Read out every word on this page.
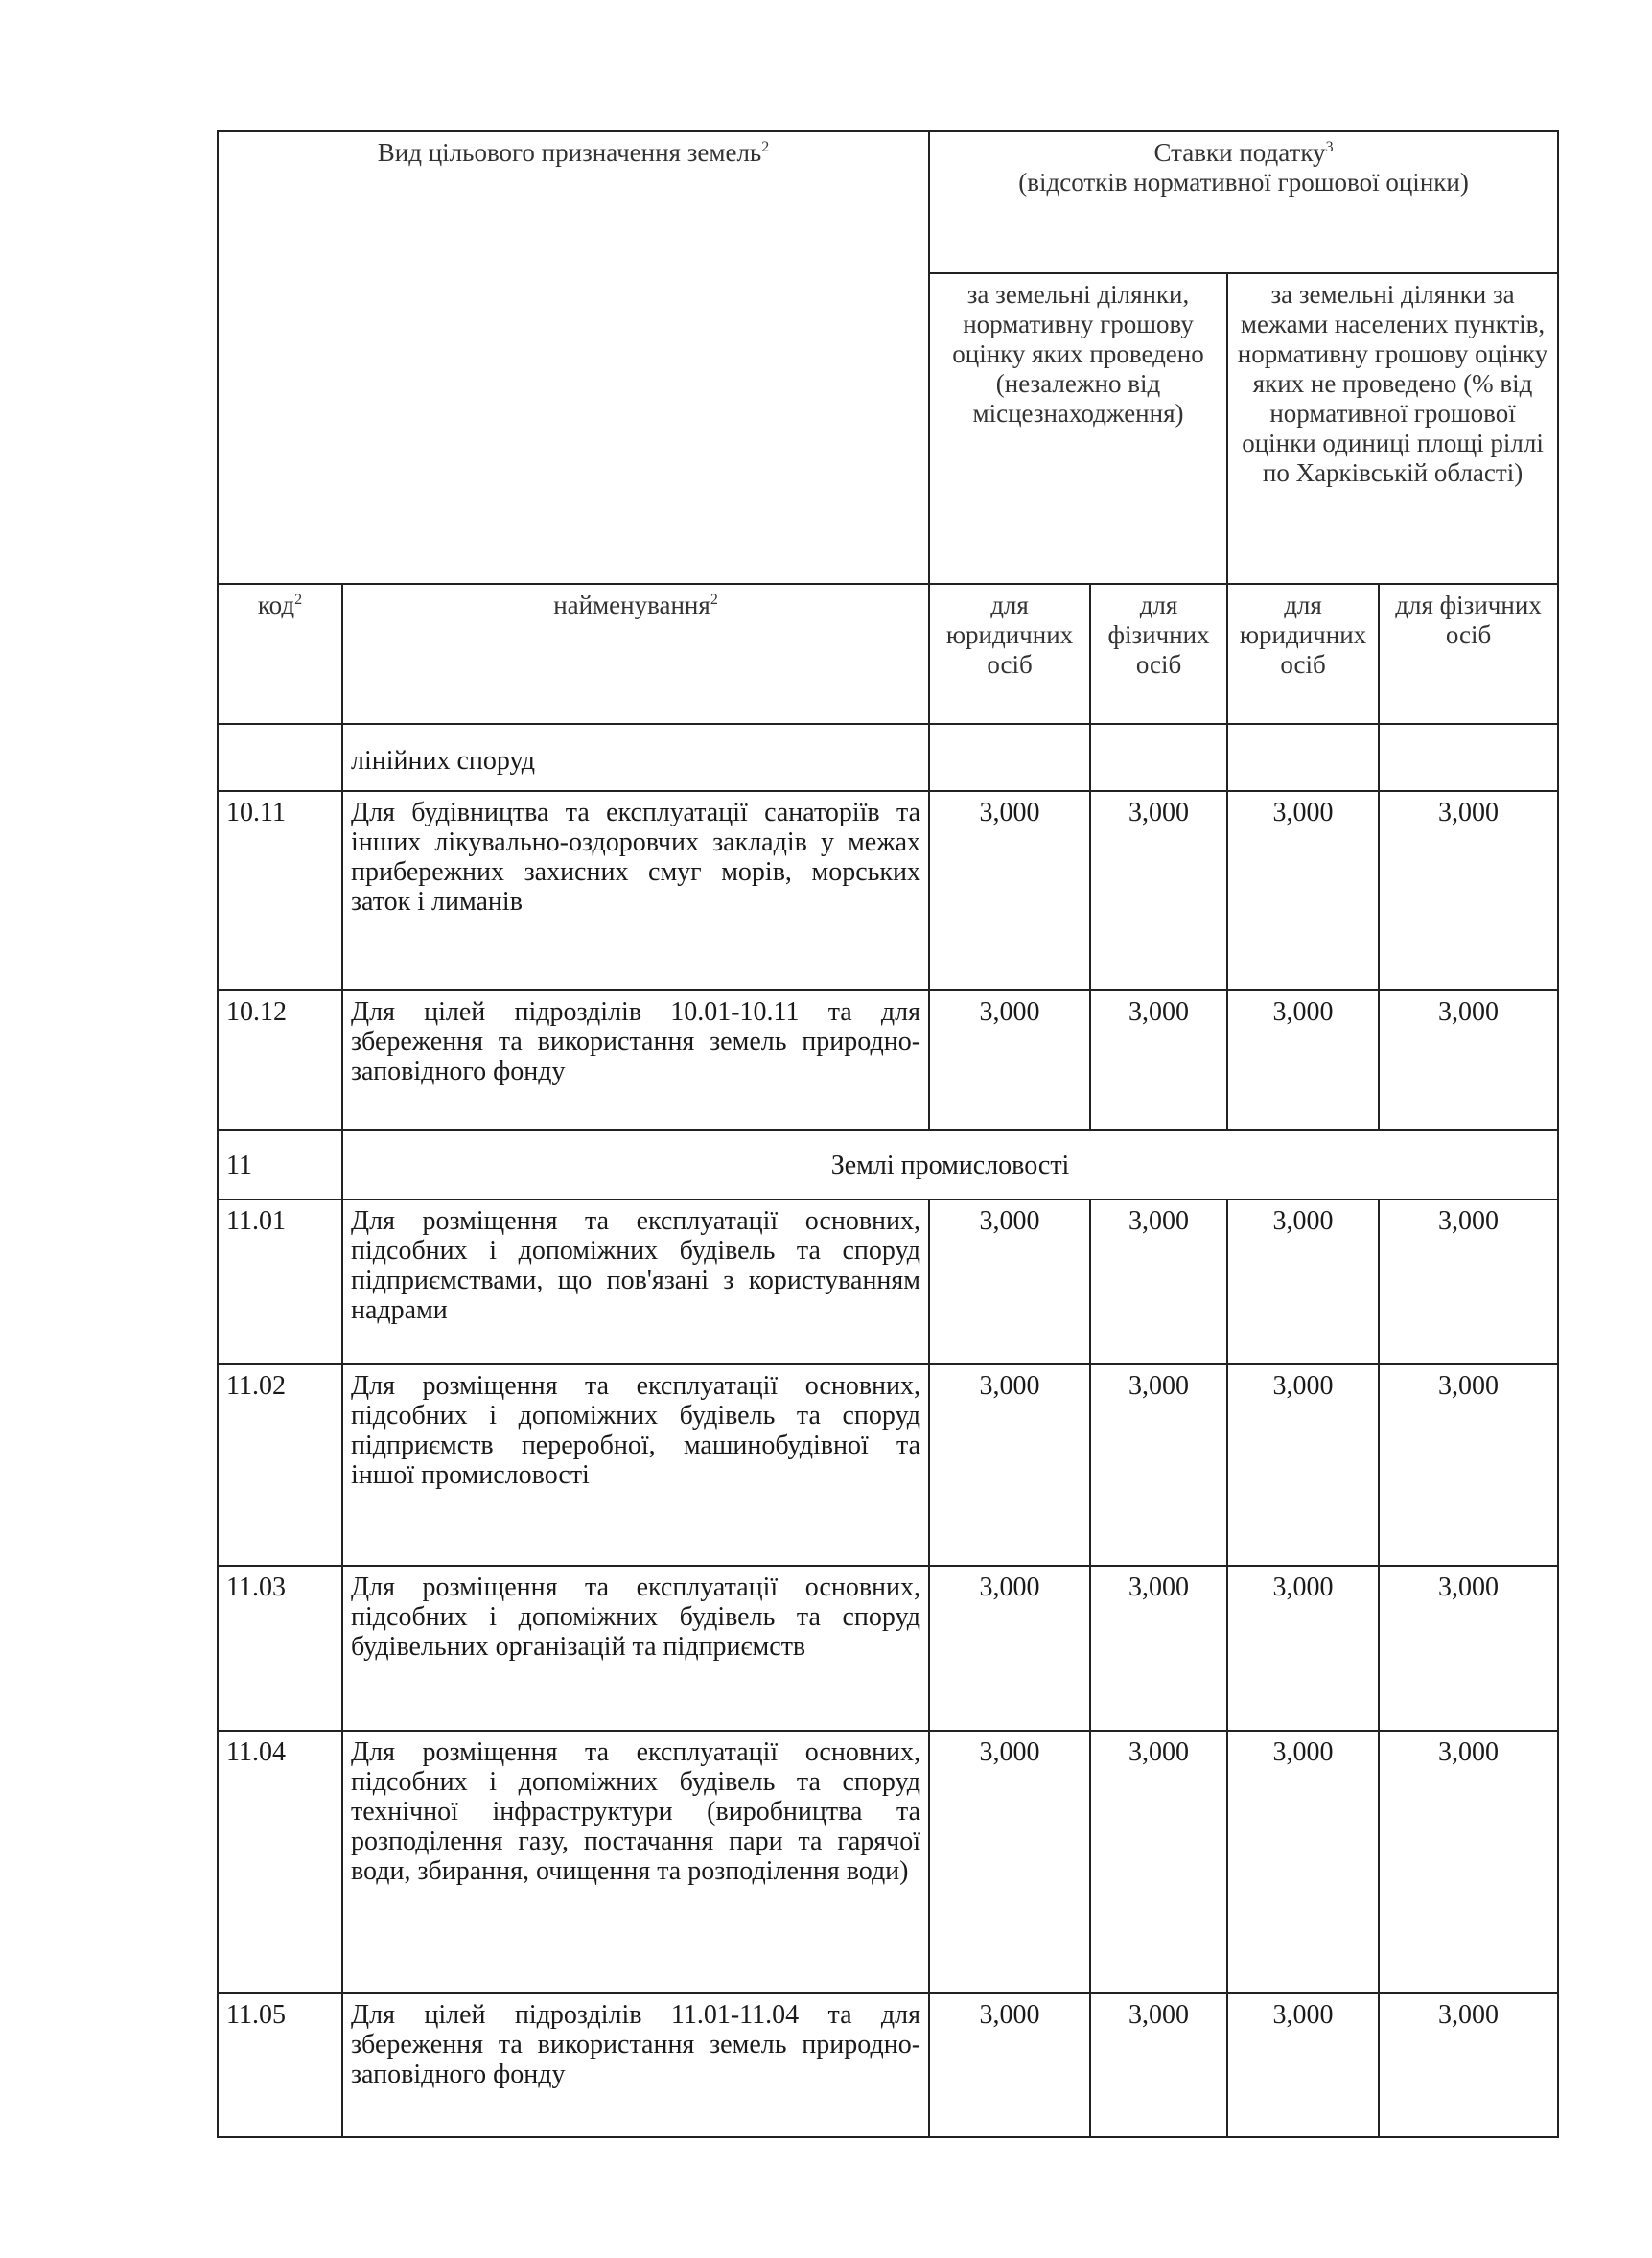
Вид цільового призначення земель$^2$		Ставки податку$^3$
(відсотків нормативної грошової оцінки)			
		за земельні ділянки, нормативну грошову оцінку яких проведено (незалежно від місцезнаходження)		за земельні ділянки за межами населених пунктів, нормативну грошову оцінку яких не проведено (% від нормативної грошової оцінки одиниці площі ріллі по Харківській області)	
код$^2$	найменування$^2$	для юридичних осіб	для фізичних осіб	для юридичних осіб	для фізичних осіб
	лінійних споруд				
10.11	Для будівництва та експлуатації санаторіїв та інших лікувально-оздоровчих закладів у межах прибережних захисних смуг морів, морських заток і лиманів	3,000	3,000	3,000	3,000
10.12	Для цілей підрозділів 10.01-10.11 та для збереження та використання земель природно-заповідного фонду	3,000	3,000	3,000	3,000
11	Землі промисловості				
11.01	Для розміщення та експлуатації основних, підсобних і допоміжних будівель та споруд підприємствами, що пов'язані з користуванням надрами	3,000	3,000	3,000	3,000
11.02	Для розміщення та експлуатації основних, підсобних і допоміжних будівель та споруд підприємств переробної, машинобудівної та іншої промисловості	3,000	3,000	3,000	3,000
11.03	Для розміщення та експлуатації основних, підсобних і допоміжних будівель та споруд будівельних організацій та підприємств	3,000	3,000	3,000	3,000
11.04	Для розміщення та експлуатації основних, підсобних і допоміжних будівель та споруд технічної інфраструктури (виробництва та розподілення газу, постачання пари та гарячої води, збирання, очищення та розподілення води)	3,000	3,000	3,000	3,000
11.05	Для цілей підрозділів 11.01-11.04 та для збереження та використання земель природно-заповідного фонду	3,000	3,000	3,000	3,000
